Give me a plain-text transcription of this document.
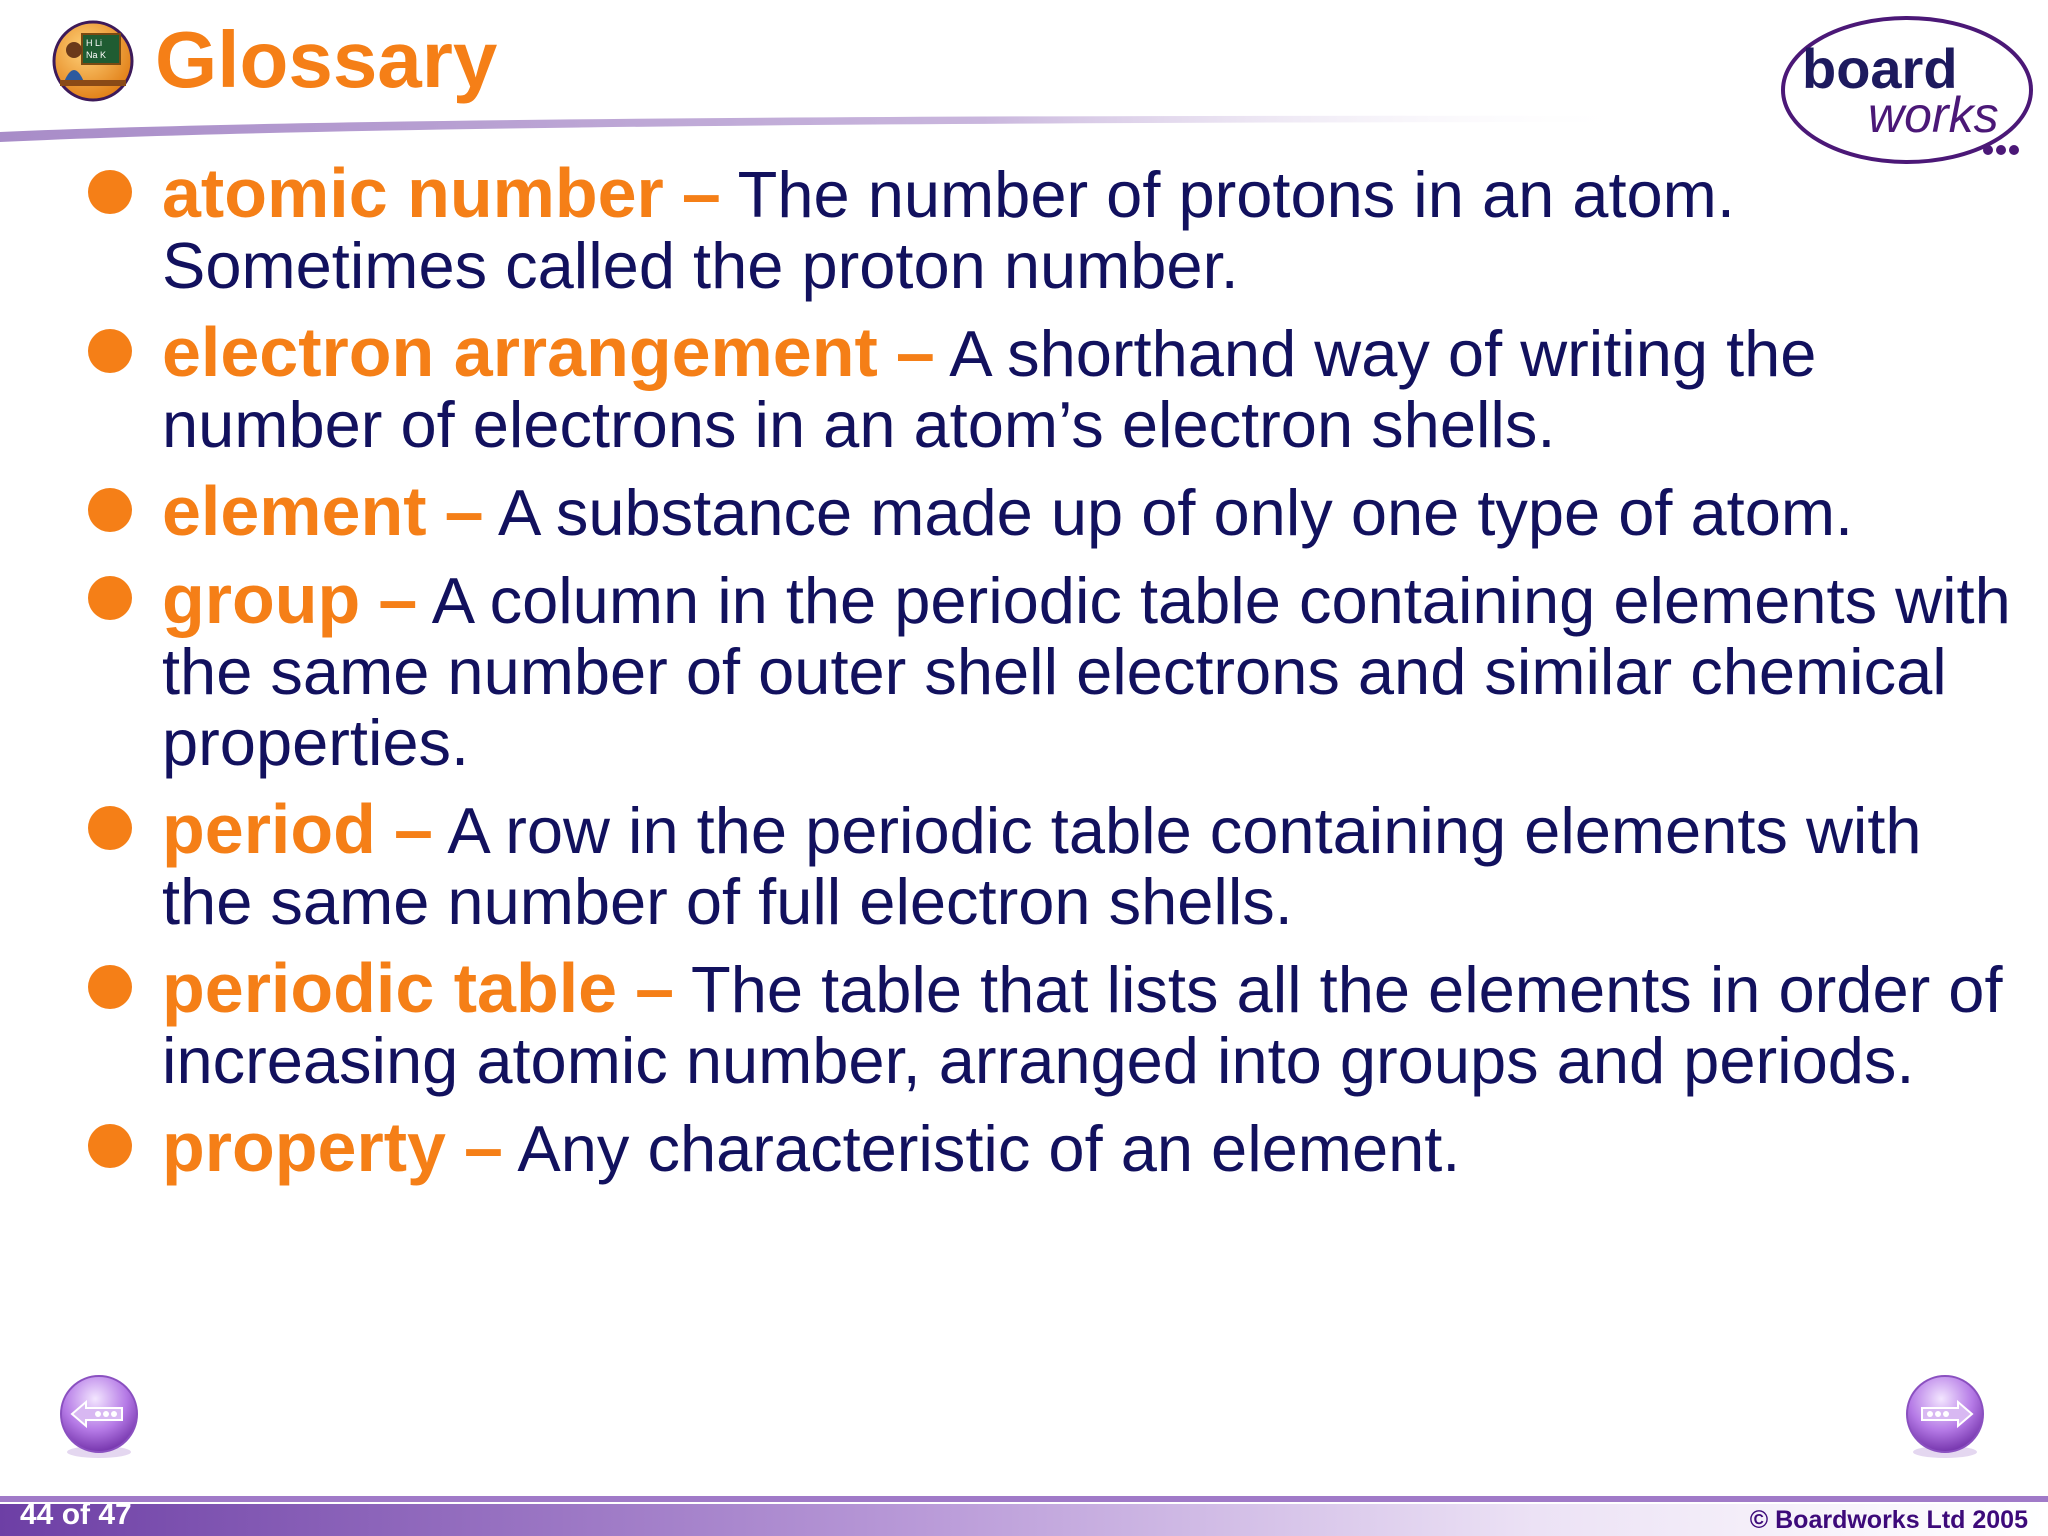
H Li
Na K Glossary	board
works
atomic number – The number of protons in an atom. Sometimes called the proton number.
electron arrangement – A shorthand way of writing the number of electrons in an atom’s electron shells.
element – A substance made up of only one type of atom.
group – A column in the periodic table containing elements with the same number of outer shell electrons and similar chemical properties.
period – A row in the periodic table containing elements with the same number of full electron shells.
periodic table – The table that lists all the elements in order of increasing atomic number, arranged into groups and periods.
property – Any characteristic of an element.
44 of 47	© Boardworks Ltd 2005
